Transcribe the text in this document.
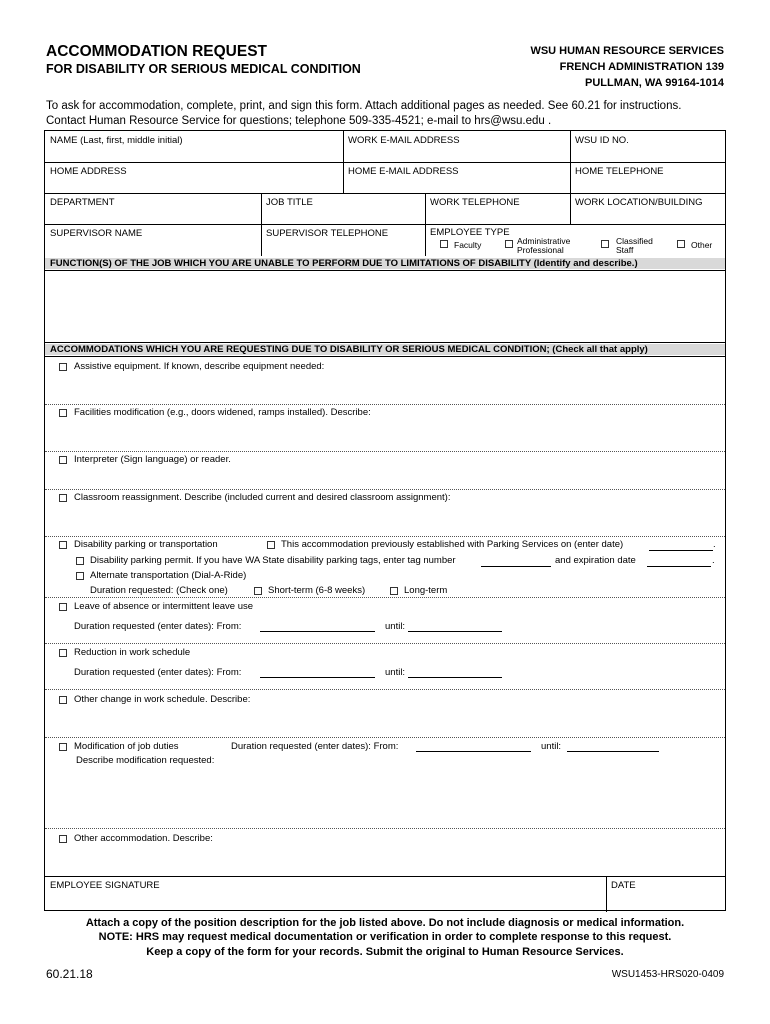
ACCOMMODATION REQUEST
FOR DISABILITY OR SERIOUS MEDICAL CONDITION
WSU HUMAN RESOURCE SERVICES
FRENCH ADMINISTRATION 139
PULLMAN, WA 99164-1014
To ask for accommodation, complete, print, and sign this form. Attach additional pages as needed. See 60.21 for instructions.
Contact Human Resource Service for questions; telephone 509-335-4521; e-mail to hrs@wsu.edu .
NAME (Last, first, middle initial)	WORK E-MAIL ADDRESS	WSU ID NO.
HOME ADDRESS	HOME E-MAIL ADDRESS	HOME TELEPHONE
DEPARTMENT	JOB TITLE	WORK TELEPHONE	WORK LOCATION/BUILDING
SUPERVISOR NAME	SUPERVISOR TELEPHONE	EMPLOYEE TYPE
Faculty	Administrative
Professional
Classified
Staff	Other
FUNCTION(S) OF THE JOB WHICH YOU ARE UNABLE TO PERFORM DUE TO LIMITATIONS OF DISABILITY (Identify and describe.)
ACCOMMODATIONS WHICH YOU ARE REQUESTING DUE TO DISABILITY OR SERIOUS MEDICAL CONDITION; (Check all that apply)
Assistive equipment. If known, describe equipment needed:
Facilities modification (e.g., doors widened, ramps installed). Describe:
Interpreter (Sign language) or reader.
Classroom reassignment. Describe (included current and desired classroom assignment):
Disability parking or transportation	This accommodation previously established with Parking Services on (enter date)	.
Disability parking permit. If you have WA State disability parking tags, enter tag number	and expiration date	.
Alternate transportation (Dial-A-Ride)
Duration requested: (Check one)	Short-term (6-8 weeks)	Long-term
Leave of absence or intermittent leave use
Duration requested (enter dates): From:	until:
Reduction in work schedule
Duration requested (enter dates): From:	until:
Other change in work schedule. Describe:
Modification of job duties	Duration requested (enter dates): From:	until:
Describe modification requested:
Other accommodation. Describe:
EMPLOYEE SIGNATURE	DATE
Attach a copy of the position description for the job listed above. Do not include diagnosis or medical information.
NOTE: HRS may request medical documentation or verification in order to complete response to this request.
Keep a copy of the form for your records. Submit the original to Human Resource Services.
60.21.18	WSU1453-HRS020-0409
